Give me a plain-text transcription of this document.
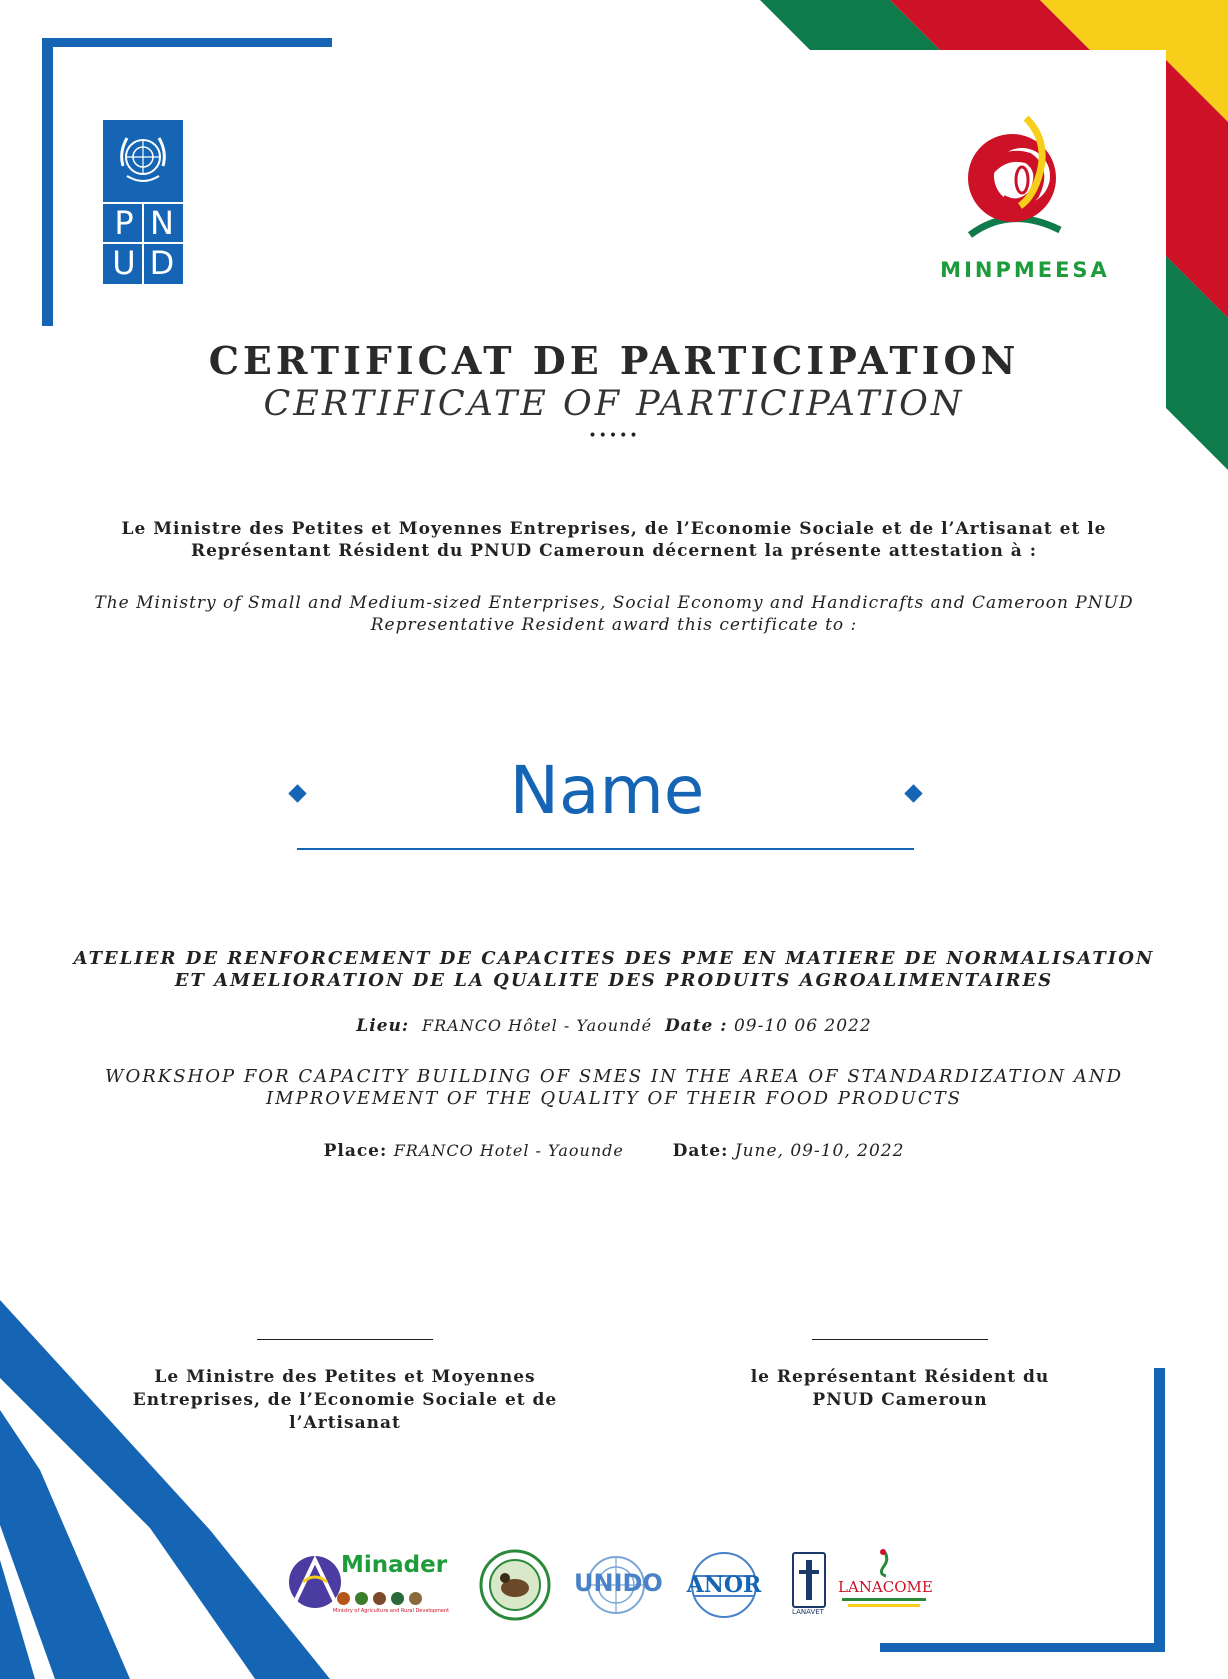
P N
U D	MINPMEESA
CERTIFICAT DE PARTICIPATION
CERTIFICATE OF PARTICIPATION
•••••
Le Ministre des Petites et Moyennes Entreprises, de l’Economie Sociale et de l’Artisanat et le Représentant Résident du PNUD Cameroun décernent la présente attestation à :
The Ministry of Small and Medium-sized Enterprises, Social Economy and Handicrafts and Cameroon PNUD Representative Resident award this certificate to :
Name
ATELIER DE RENFORCEMENT DE CAPACITES DES PME EN MATIERE DE NORMALISATION ET AMELIORATION DE LA QUALITE DES PRODUITS AGROALIMENTAIRES
Lieu: FRANCO Hôtel - Yaoundé Date : 09-10 06 2022
WORKSHOP FOR CAPACITY BUILDING OF SMES IN THE AREA OF STANDARDIZATION AND IMPROVEMENT OF THE QUALITY OF THEIR FOOD PRODUCTS
Place: FRANCO Hotel - Yaounde	Date: June, 09-10, 2022
Le Ministre des Petites et Moyennes Entreprises, de l’Economie Sociale et de l’Artisanat
le Représentant Résident du PNUD Cameroun
Minader
Ministry of Agriculture and Rural Development
UNIDO ANOR
LANAVET
LANACOME
